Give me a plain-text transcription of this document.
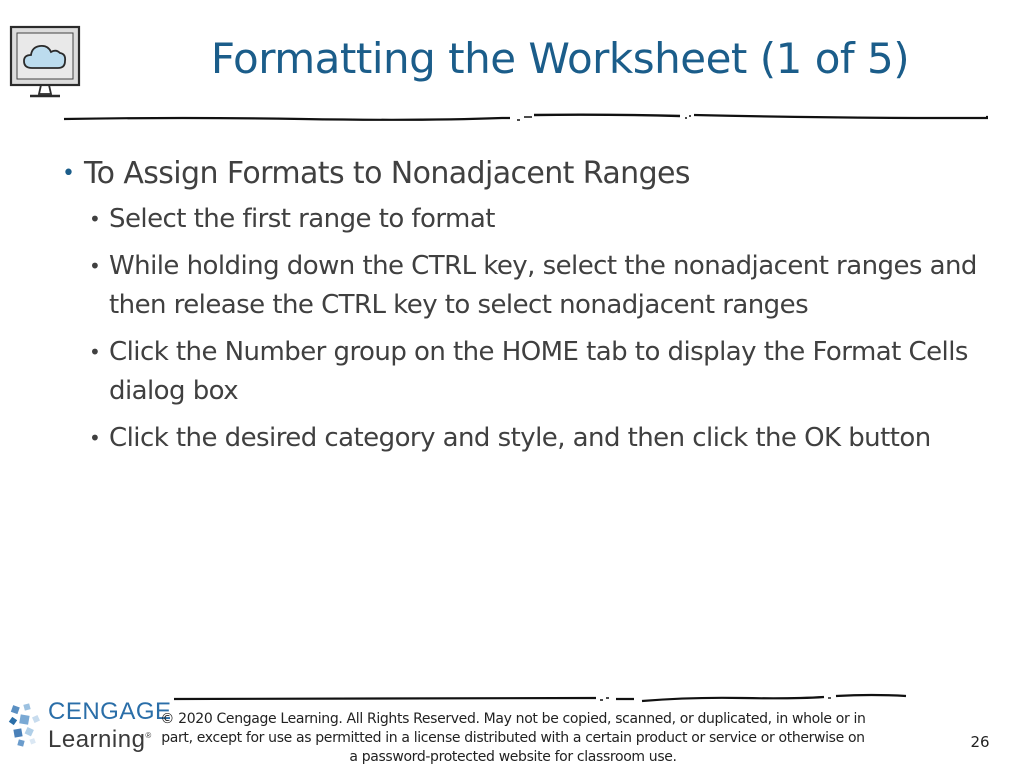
Formatting the Worksheet (1 of 5)
• To Assign Formats to Nonadjacent Ranges
• Select the first range to format
• While holding down the CTRL key, select the nonadjacent ranges and then release the CTRL key to select nonadjacent ranges
• Click the Number group on the HOME tab to display the Format Cells dialog box
• Click the desired category and style, and then click the OK button
CENGAGE
Learning®
© 2020 Cengage Learning. All Rights Reserved. May not be copied, scanned, or duplicated, in whole or in part, except for use as permitted in a license distributed with a certain product or service or otherwise on a password-protected website for classroom use.
26
